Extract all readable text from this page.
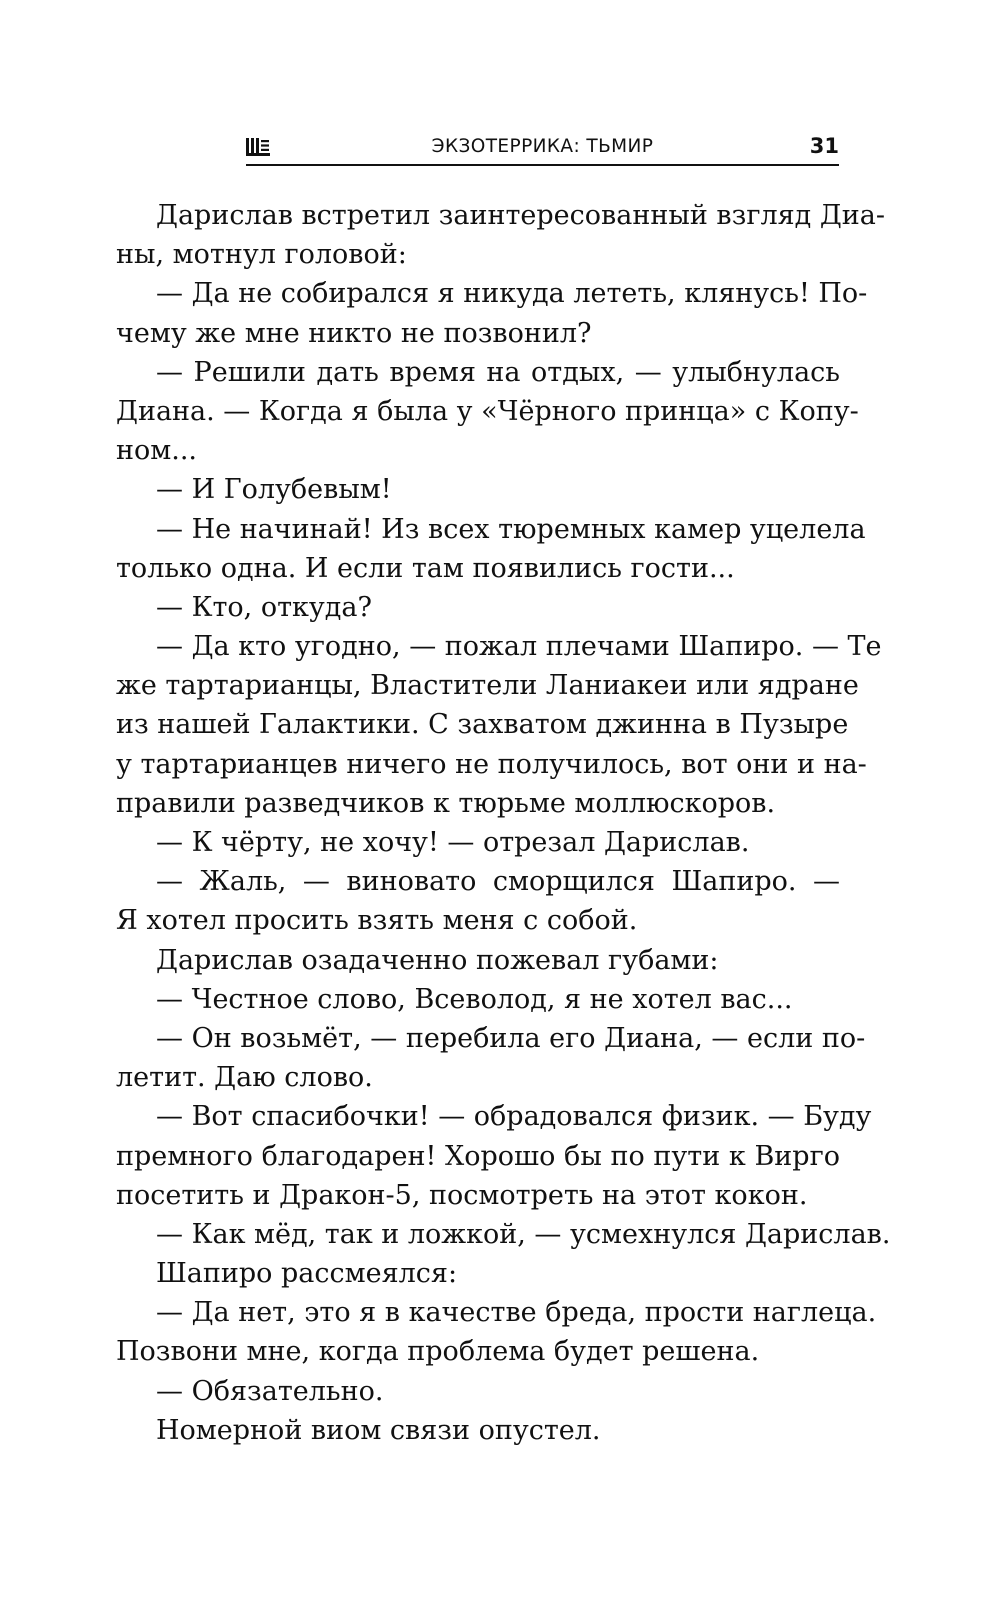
ЭКЗОТЕРРИКА: ТЬМИР	31
Дарислав встретил заинтересованный взгляд Диа-
ны, мотнул головой:
— Да не собирался я никуда лететь, клянусь! По-
чему же мне никто не позвонил?
— Решили дать время на отдых, — улыбнулась
Диана. — Когда я была у «Чёрного принца» с Копу-
ном...
— И Голубевым!
— Не начинай! Из всех тюремных камер уцелела
только одна. И если там появились гости...
— Кто, откуда?
— Да кто угодно, — пожал плечами Шапиро. — Те
же тартарианцы, Властители Ланиакеи или ядране
из нашей Галактики. С захватом джинна в Пузыре
у тартарианцев ничего не получилось, вот они и на-
правили разведчиков к тюрьме моллюскоров.
— К чёрту, не хочу! — отрезал Дарислав.
— Жаль, — виновато сморщился Шапиро. —
Я хотел просить взять меня с собой.
Дарислав озадаченно пожевал губами:
— Честное слово, Всеволод, я не хотел вас...
— Он возьмёт, — перебила его Диана, — если по-
летит. Даю слово.
— Вот спасибочки! — обрадовался физик. — Буду
премного благодарен! Хорошо бы по пути к Вирго
посетить и Дракон-5, посмотреть на этот кокон.
— Как мёд, так и ложкой, — усмехнулся Дарислав.
Шапиро рассмеялся:
— Да нет, это я в качестве бреда, прости наглеца.
Позвони мне, когда проблема будет решена.
— Обязательно.
Номерной виом связи опустел.
